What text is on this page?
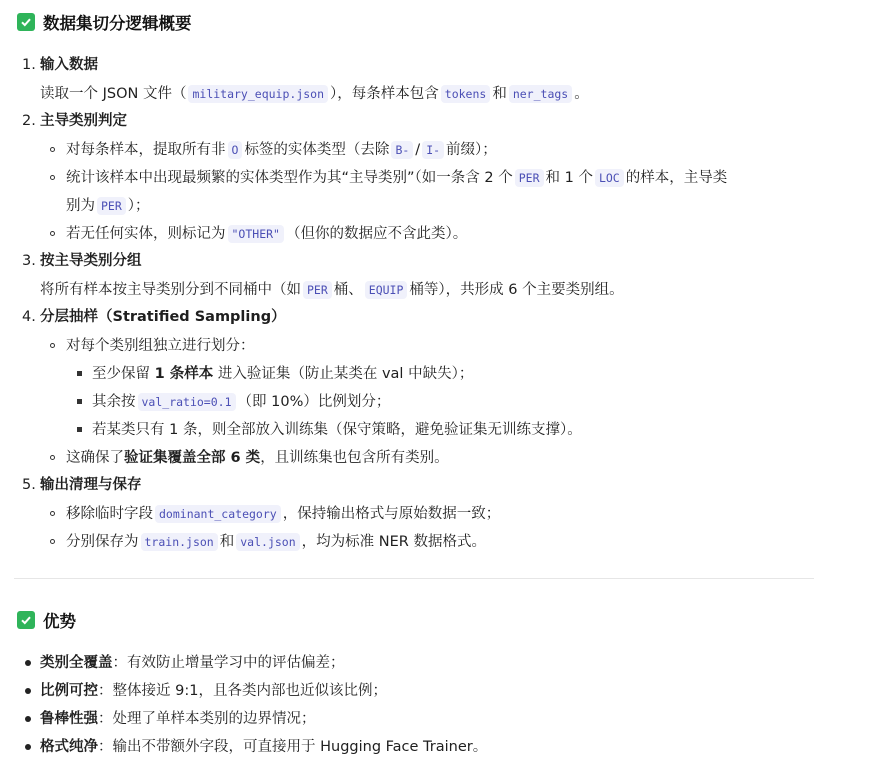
数据集切分逻辑概要
1. 输入数据
读取一个 JSON 文件（ military_equip.json ），每条样本包含 tokens 和 ner_tags 。
2. 主导类别判定
对每条样本，提取所有非 O 标签的实体类型（去除 B- / I- 前缀）；
统计该样本中出现最频繁的实体类型作为其“主导类别”（如一条含 2 个 PER 和 1 个 LOC 的样本，主导类
别为 PER ）；
若无任何实体，则标记为 "OTHER" （但你的数据应不含此类）。
3. 按主导类别分组
将所有样本按主导类别分到不同桶中（如 PER 桶、 EQUIP 桶等），共形成 6 个主要类别组。
4. 分层抽样（Stratified Sampling）
对每个类别组独立进行划分：
至少保留 1 条样本 进入验证集（防止某类在 val 中缺失）；
其余按 val_ratio=0.1 （即 10%）比例划分；
若某类只有 1 条，则全部放入训练集（保守策略，避免验证集无训练支撑）。
这确保了验证集覆盖全部 6 类，且训练集也包含所有类别。
5. 输出清理与保存
移除临时字段 dominant_category ，保持输出格式与原始数据一致；
分别保存为 train.json 和 val.json ，均为标准 NER 数据格式。
优势
类别全覆盖：有效防止增量学习中的评估偏差；
比例可控：整体接近 9:1，且各类内部也近似该比例；
鲁棒性强：处理了单样本类别的边界情况；
格式纯净：输出不带额外字段，可直接用于 Hugging Face Trainer。
